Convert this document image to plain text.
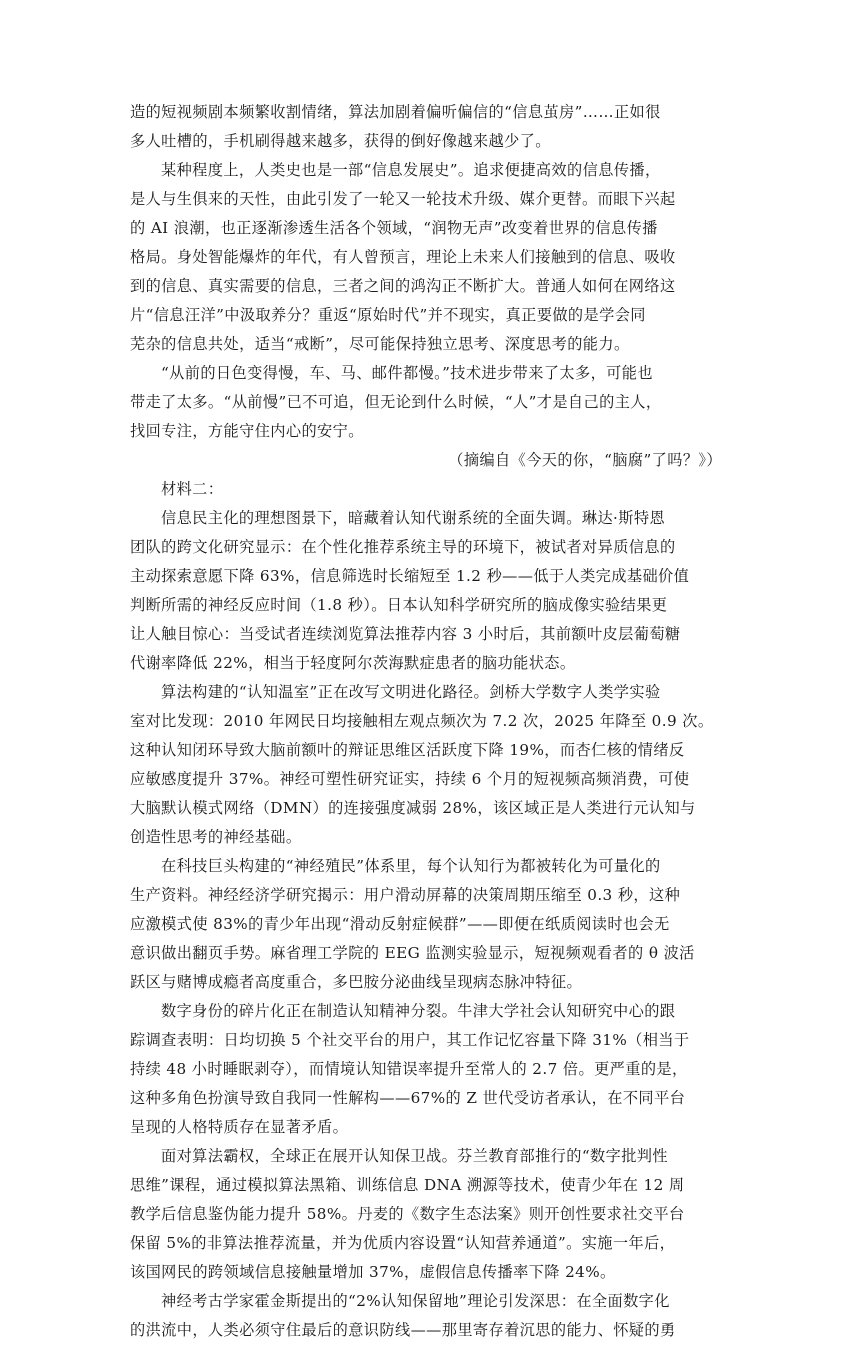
造的短视频剧本频繁收割情绪，算法加剧着偏听偏信的“信息茧房”……正如很
多人吐槽的，手机刷得越来越多，获得的倒好像越来越少了。
某种程度上，人类史也是一部“信息发展史”。追求便捷高效的信息传播，
是人与生俱来的天性，由此引发了一轮又一轮技术升级、媒介更替。而眼下兴起
的 AI 浪潮，也正逐渐渗透生活各个领域，“润物无声”改变着世界的信息传播
格局。身处智能爆炸的年代，有人曾预言，理论上未来人们接触到的信息、吸收
到的信息、真实需要的信息，三者之间的鸿沟正不断扩大。普通人如何在网络这
片“信息汪洋”中汲取养分？重返“原始时代”并不现实，真正要做的是学会同
芜杂的信息共处，适当“戒断”，尽可能保持独立思考、深度思考的能力。
“从前的日色变得慢，车、马、邮件都慢。”技术进步带来了太多，可能也
带走了太多。“从前慢”已不可追，但无论到什么时候，“人”才是自己的主人，
找回专注，方能守住内心的安宁。
（摘编自《今天的你，“脑腐”了吗？》）
材料二：
信息民主化的理想图景下，暗藏着认知代谢系统的全面失调。琳达·斯特恩
团队的跨文化研究显示：在个性化推荐系统主导的环境下，被试者对异质信息的
主动探索意愿下降 63%，信息筛选时长缩短至 1.2 秒——低于人类完成基础价值
判断所需的神经反应时间（1.8 秒）。日本认知科学研究所的脑成像实验结果更
让人触目惊心：当受试者连续浏览算法推荐内容 3 小时后，其前额叶皮层葡萄糖
代谢率降低 22%，相当于轻度阿尔茨海默症患者的脑功能状态。
算法构建的“认知温室”正在改写文明进化路径。剑桥大学数字人类学实验
室对比发现：2010 年网民日均接触相左观点频次为 7.2 次，2025 年降至 0.9 次。
这种认知闭环导致大脑前额叶的辩证思维区活跃度下降 19%，而杏仁核的情绪反
应敏感度提升 37%。神经可塑性研究证实，持续 6 个月的短视频高频消费，可使
大脑默认模式网络（DMN）的连接强度减弱 28%，该区域正是人类进行元认知与
创造性思考的神经基础。
在科技巨头构建的“神经殖民”体系里，每个认知行为都被转化为可量化的
生产资料。神经经济学研究揭示：用户滑动屏幕的决策周期压缩至 0.3 秒，这种
应激模式使 83%的青少年出现“滑动反射症候群”——即便在纸质阅读时也会无
意识做出翻页手势。麻省理工学院的 EEG 监测实验显示，短视频观看者的 θ 波活
跃区与赌博成瘾者高度重合，多巴胺分泌曲线呈现病态脉冲特征。
数字身份的碎片化正在制造认知精神分裂。牛津大学社会认知研究中心的跟
踪调查表明：日均切换 5 个社交平台的用户，其工作记忆容量下降 31%（相当于
持续 48 小时睡眠剥夺），而情境认知错误率提升至常人的 2.7 倍。更严重的是，
这种多角色扮演导致自我同一性解构——67%的 Z 世代受访者承认，在不同平台
呈现的人格特质存在显著矛盾。
面对算法霸权，全球正在展开认知保卫战。芬兰教育部推行的“数字批判性
思维”课程，通过模拟算法黑箱、训练信息 DNA 溯源等技术，使青少年在 12 周
教学后信息鉴伪能力提升 58%。丹麦的《数字生态法案》则开创性要求社交平台
保留 5%的非算法推荐流量，并为优质内容设置“认知营养通道”。实施一年后，
该国网民的跨领域信息接触量增加 37%，虚假信息传播率下降 24%。
神经考古学家霍金斯提出的“2%认知保留地”理论引发深思：在全面数字化
的洪流中，人类必须守住最后的意识防线——那里寄存着沉思的能力、怀疑的勇
